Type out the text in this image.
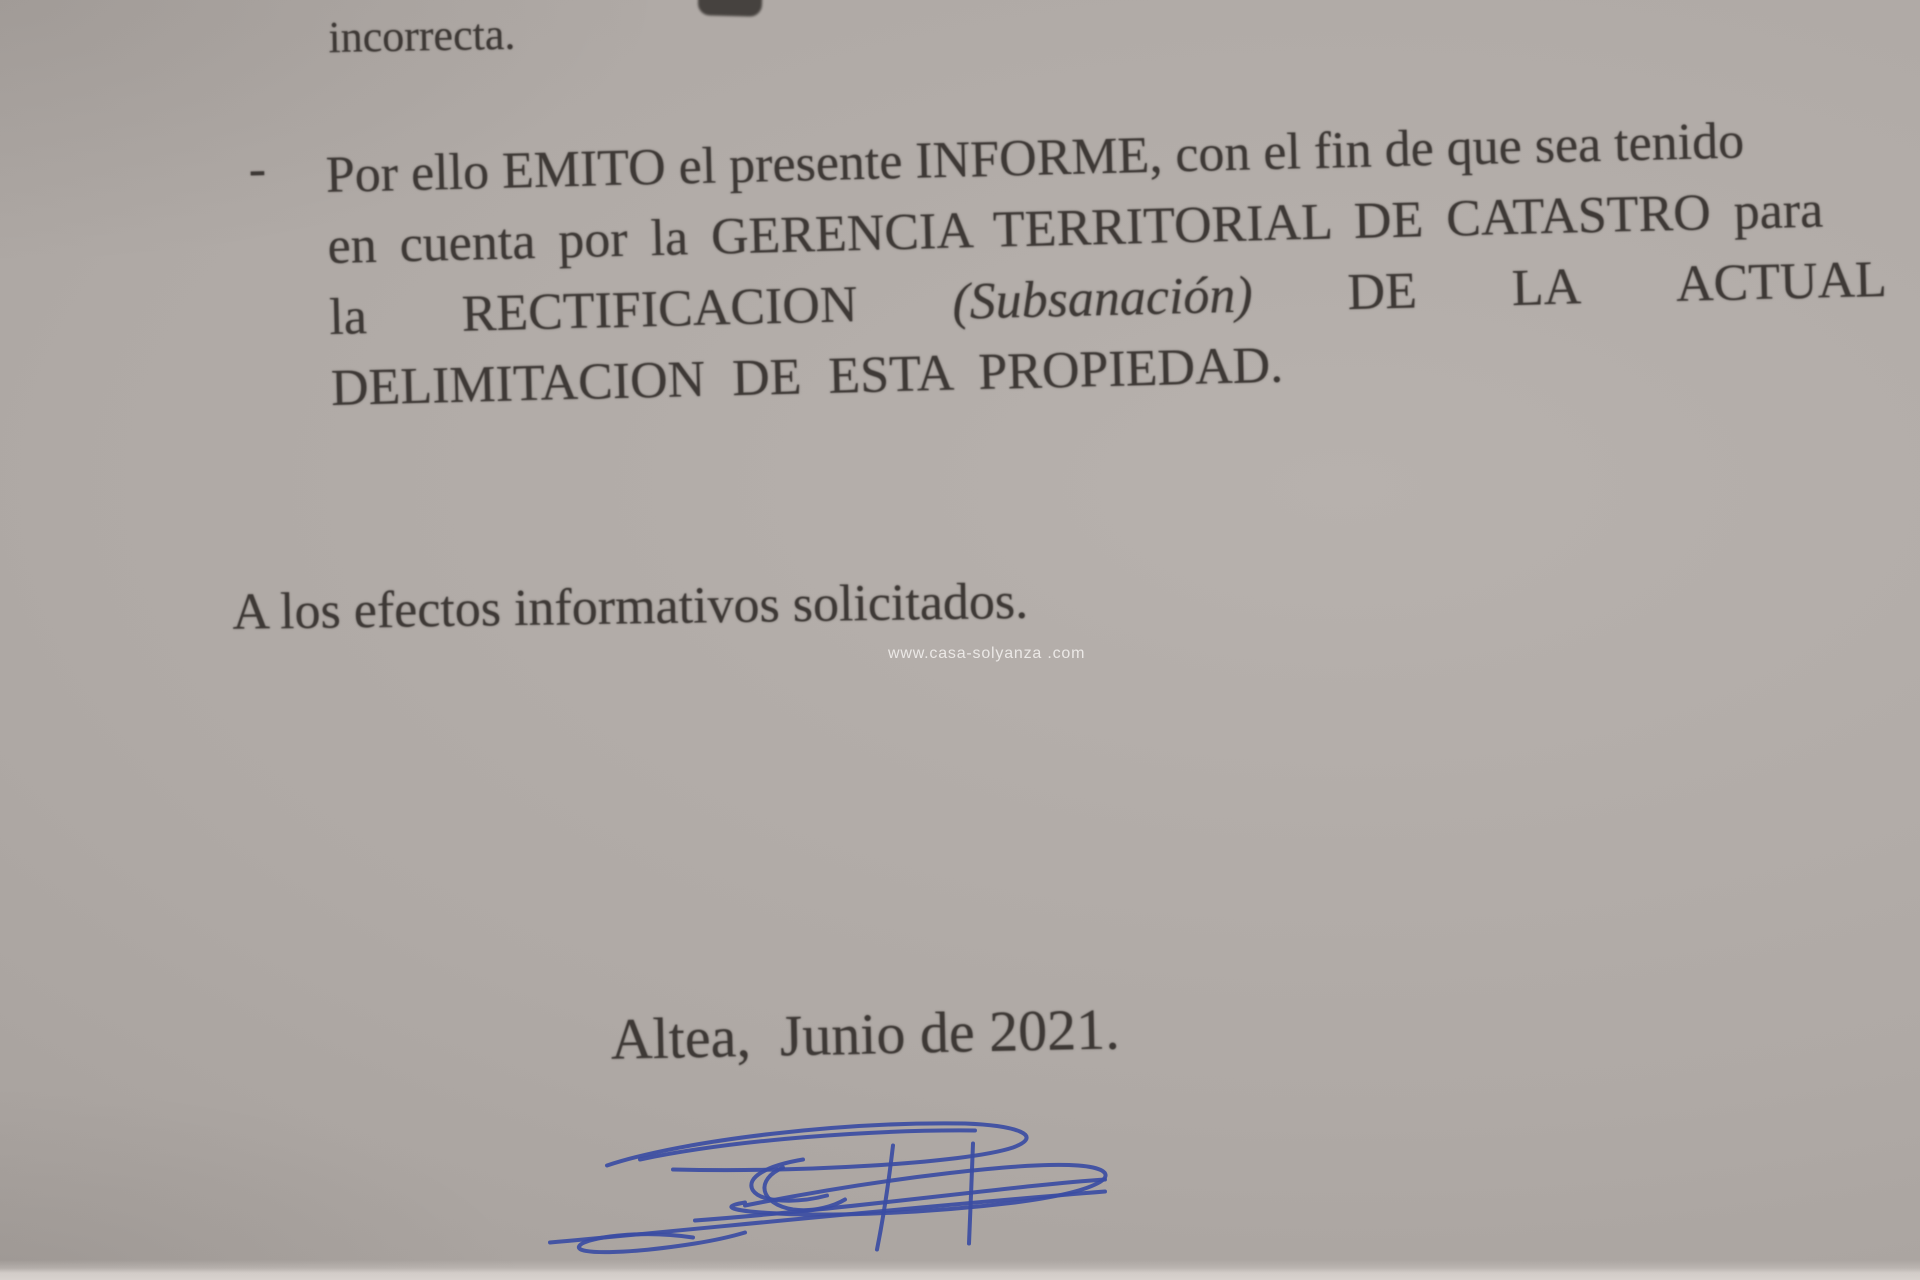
incorrecta.
- Por ello EMITO el presente INFORME, con el fin de que sea tenido
en cuenta por la GERENCIA TERRITORIAL DE CATASTRO para
la RECTIFICACION (Subsanación) DE LA ACTUAL
DELIMITACION DE ESTA PROPIEDAD.
A los efectos informativos solicitados.
www.casa-solyanza .com
Altea,  Junio de 2021.
